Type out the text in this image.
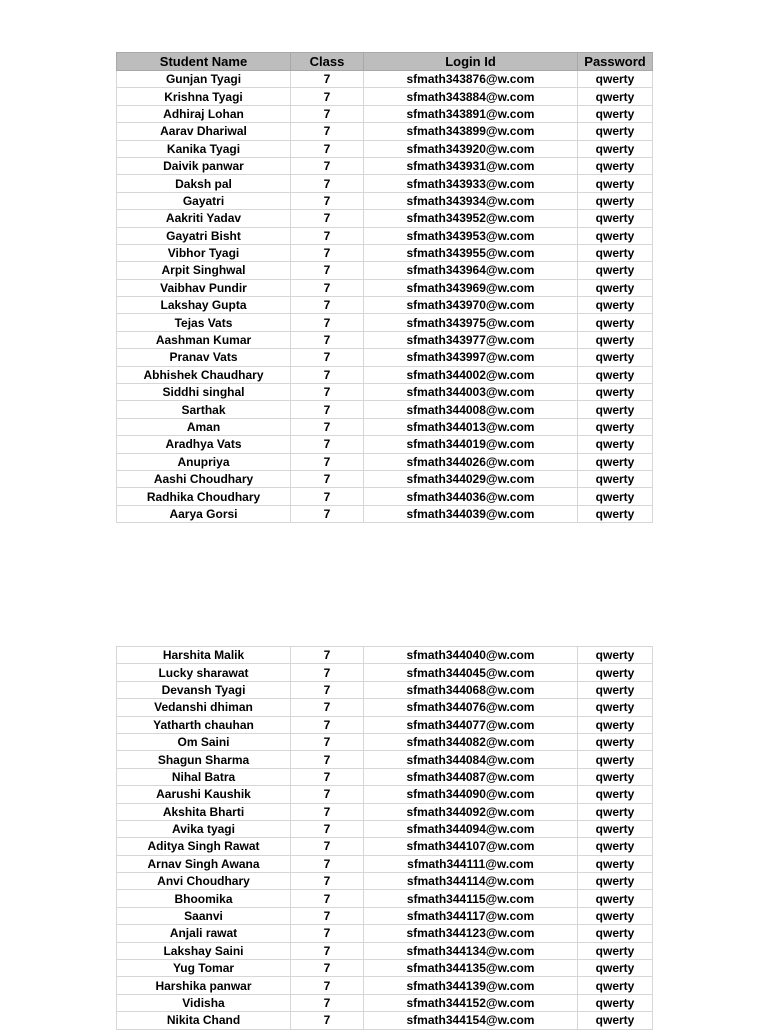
Student Name	Class	Login Id	Password
Gunjan Tyagi	7	sfmath343876@w.com	qwerty
Krishna Tyagi	7	sfmath343884@w.com	qwerty
Adhiraj Lohan	7	sfmath343891@w.com	qwerty
Aarav Dhariwal	7	sfmath343899@w.com	qwerty
Kanika Tyagi	7	sfmath343920@w.com	qwerty
Daivik panwar	7	sfmath343931@w.com	qwerty
Daksh pal	7	sfmath343933@w.com	qwerty
Gayatri	7	sfmath343934@w.com	qwerty
Aakriti Yadav	7	sfmath343952@w.com	qwerty
Gayatri Bisht	7	sfmath343953@w.com	qwerty
Vibhor Tyagi	7	sfmath343955@w.com	qwerty
Arpit Singhwal	7	sfmath343964@w.com	qwerty
Vaibhav Pundir	7	sfmath343969@w.com	qwerty
Lakshay Gupta	7	sfmath343970@w.com	qwerty
Tejas Vats	7	sfmath343975@w.com	qwerty
Aashman Kumar	7	sfmath343977@w.com	qwerty
Pranav Vats	7	sfmath343997@w.com	qwerty
Abhishek Chaudhary	7	sfmath344002@w.com	qwerty
Siddhi singhal	7	sfmath344003@w.com	qwerty
Sarthak	7	sfmath344008@w.com	qwerty
Aman	7	sfmath344013@w.com	qwerty
Aradhya Vats	7	sfmath344019@w.com	qwerty
Anupriya	7	sfmath344026@w.com	qwerty
Aashi Choudhary	7	sfmath344029@w.com	qwerty
Radhika Choudhary	7	sfmath344036@w.com	qwerty
Aarya Gorsi	7	sfmath344039@w.com	qwerty
Harshita Malik	7	sfmath344040@w.com	qwerty
Lucky sharawat	7	sfmath344045@w.com	qwerty
Devansh Tyagi	7	sfmath344068@w.com	qwerty
Vedanshi dhiman	7	sfmath344076@w.com	qwerty
Yatharth chauhan	7	sfmath344077@w.com	qwerty
Om Saini	7	sfmath344082@w.com	qwerty
Shagun Sharma	7	sfmath344084@w.com	qwerty
Nihal Batra	7	sfmath344087@w.com	qwerty
Aarushi Kaushik	7	sfmath344090@w.com	qwerty
Akshita Bharti	7	sfmath344092@w.com	qwerty
Avika tyagi	7	sfmath344094@w.com	qwerty
Aditya Singh Rawat	7	sfmath344107@w.com	qwerty
Arnav Singh Awana	7	sfmath344111@w.com	qwerty
Anvi Choudhary	7	sfmath344114@w.com	qwerty
Bhoomika	7	sfmath344115@w.com	qwerty
Saanvi	7	sfmath344117@w.com	qwerty
Anjali rawat	7	sfmath344123@w.com	qwerty
Lakshay Saini	7	sfmath344134@w.com	qwerty
Yug Tomar	7	sfmath344135@w.com	qwerty
Harshika panwar	7	sfmath344139@w.com	qwerty
Vidisha	7	sfmath344152@w.com	qwerty
Nikita Chand	7	sfmath344154@w.com	qwerty
